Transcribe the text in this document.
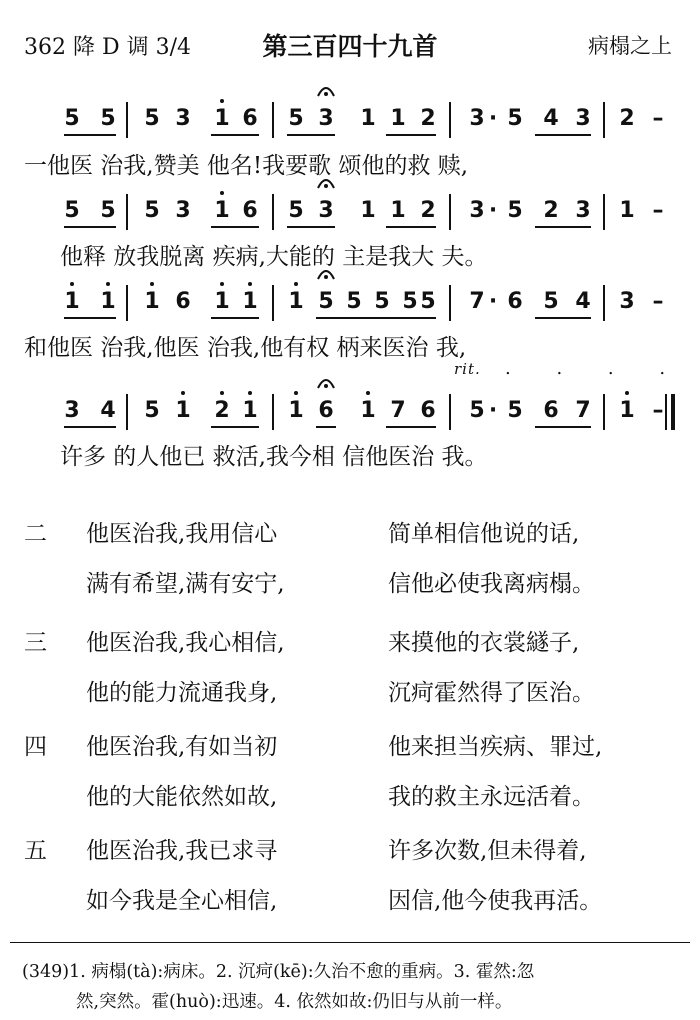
362 降 D 调 3/4	第三百四十九首	病榻之上
5 5 5 3 1 6 5 3 1 1 2 3 · 5 4 3 2 –
5 5 5 3 1 6 5 3 1 1 2 3 · 5 2 3 1 –
1 1 1 6 1 1 1 5 5 5 5 5 7 · 6 5 4 3 –
3 4 5 1 2 1 1 6 1 7 6 5 · 5 6 7 1 –
rit. . . . .
一他医 治我,赞美 他名!我要歌 颂他的救 赎,
他释 放我脱离 疾病,大能的 主是我大 夫。
和他医 治我,他医 治我,他有权 柄来医治 我,
许多 的人他已 救活,我今相 信他医治 我。
二 他医治我,我用信心	简单相信他说的话,
满有希望,满有安宁,	信他必使我离病榻。
三 他医治我,我心相信,	来摸他的衣裳繸子,
他的能力流通我身,	沉疴霍然得了医治。
四 他医治我,有如当初	他来担当疾病、罪过,
他的大能依然如故,	我的救主永远活着。
五 他医治我,我已求寻	许多次数,但未得着,
如今我是全心相信,	因信,他今使我再活。
(349)1. 病榻(tà):病床。2. 沉疴(kē):久治不愈的重病。3. 霍然:忽
然,突然。霍(huò):迅速。4. 依然如故:仍旧与从前一样。
